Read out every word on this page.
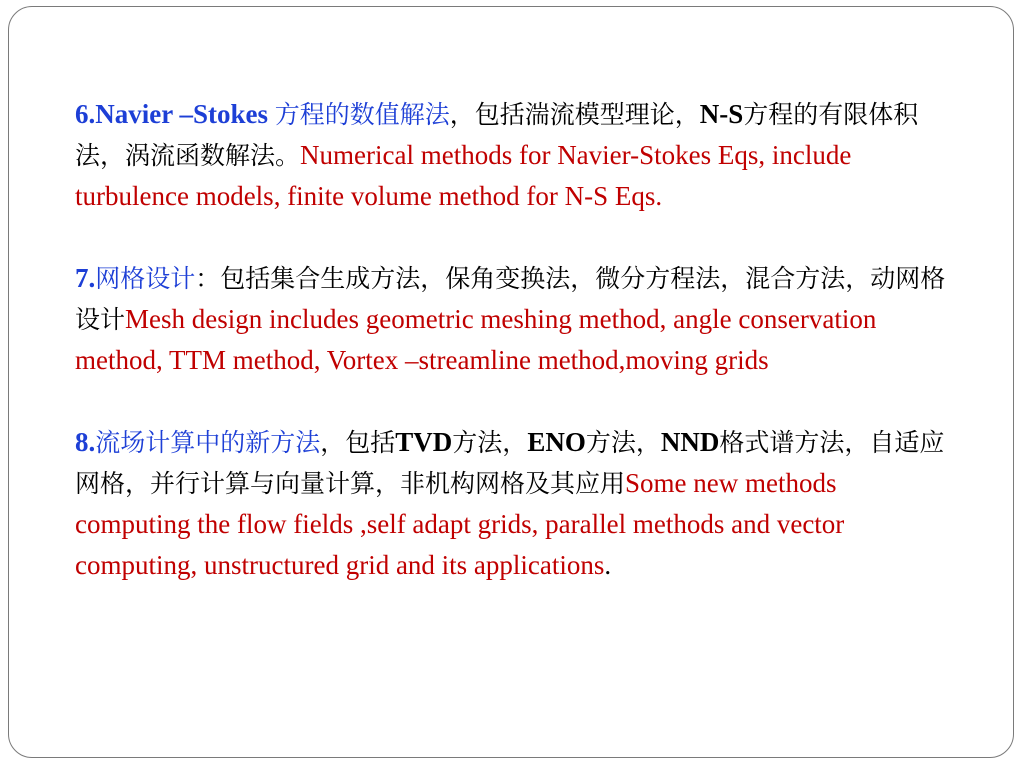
6.Navier –Stokes 方程的数值解法，包括湍流模型理论，N-S方程的有限体积法，涡流函数解法。Numerical methods for Navier-Stokes Eqs, include turbulence models, finite volume method for N-S Eqs.

7.网格设计：包括集合生成方法，保角变换法，微分方程法，混合方法，动网格设计Mesh design includes geometric meshing method, angle conservation method, TTM method, Vortex –streamline method,moving grids

8.流场计算中的新方法，包括TVD方法，ENO方法，NND格式谱方法，自适应网格，并行计算与向量计算，非机构网格及其应用Some new methods computing the flow fields ,self adapt grids, parallel methods and vector computing, unstructured grid and its applications.
